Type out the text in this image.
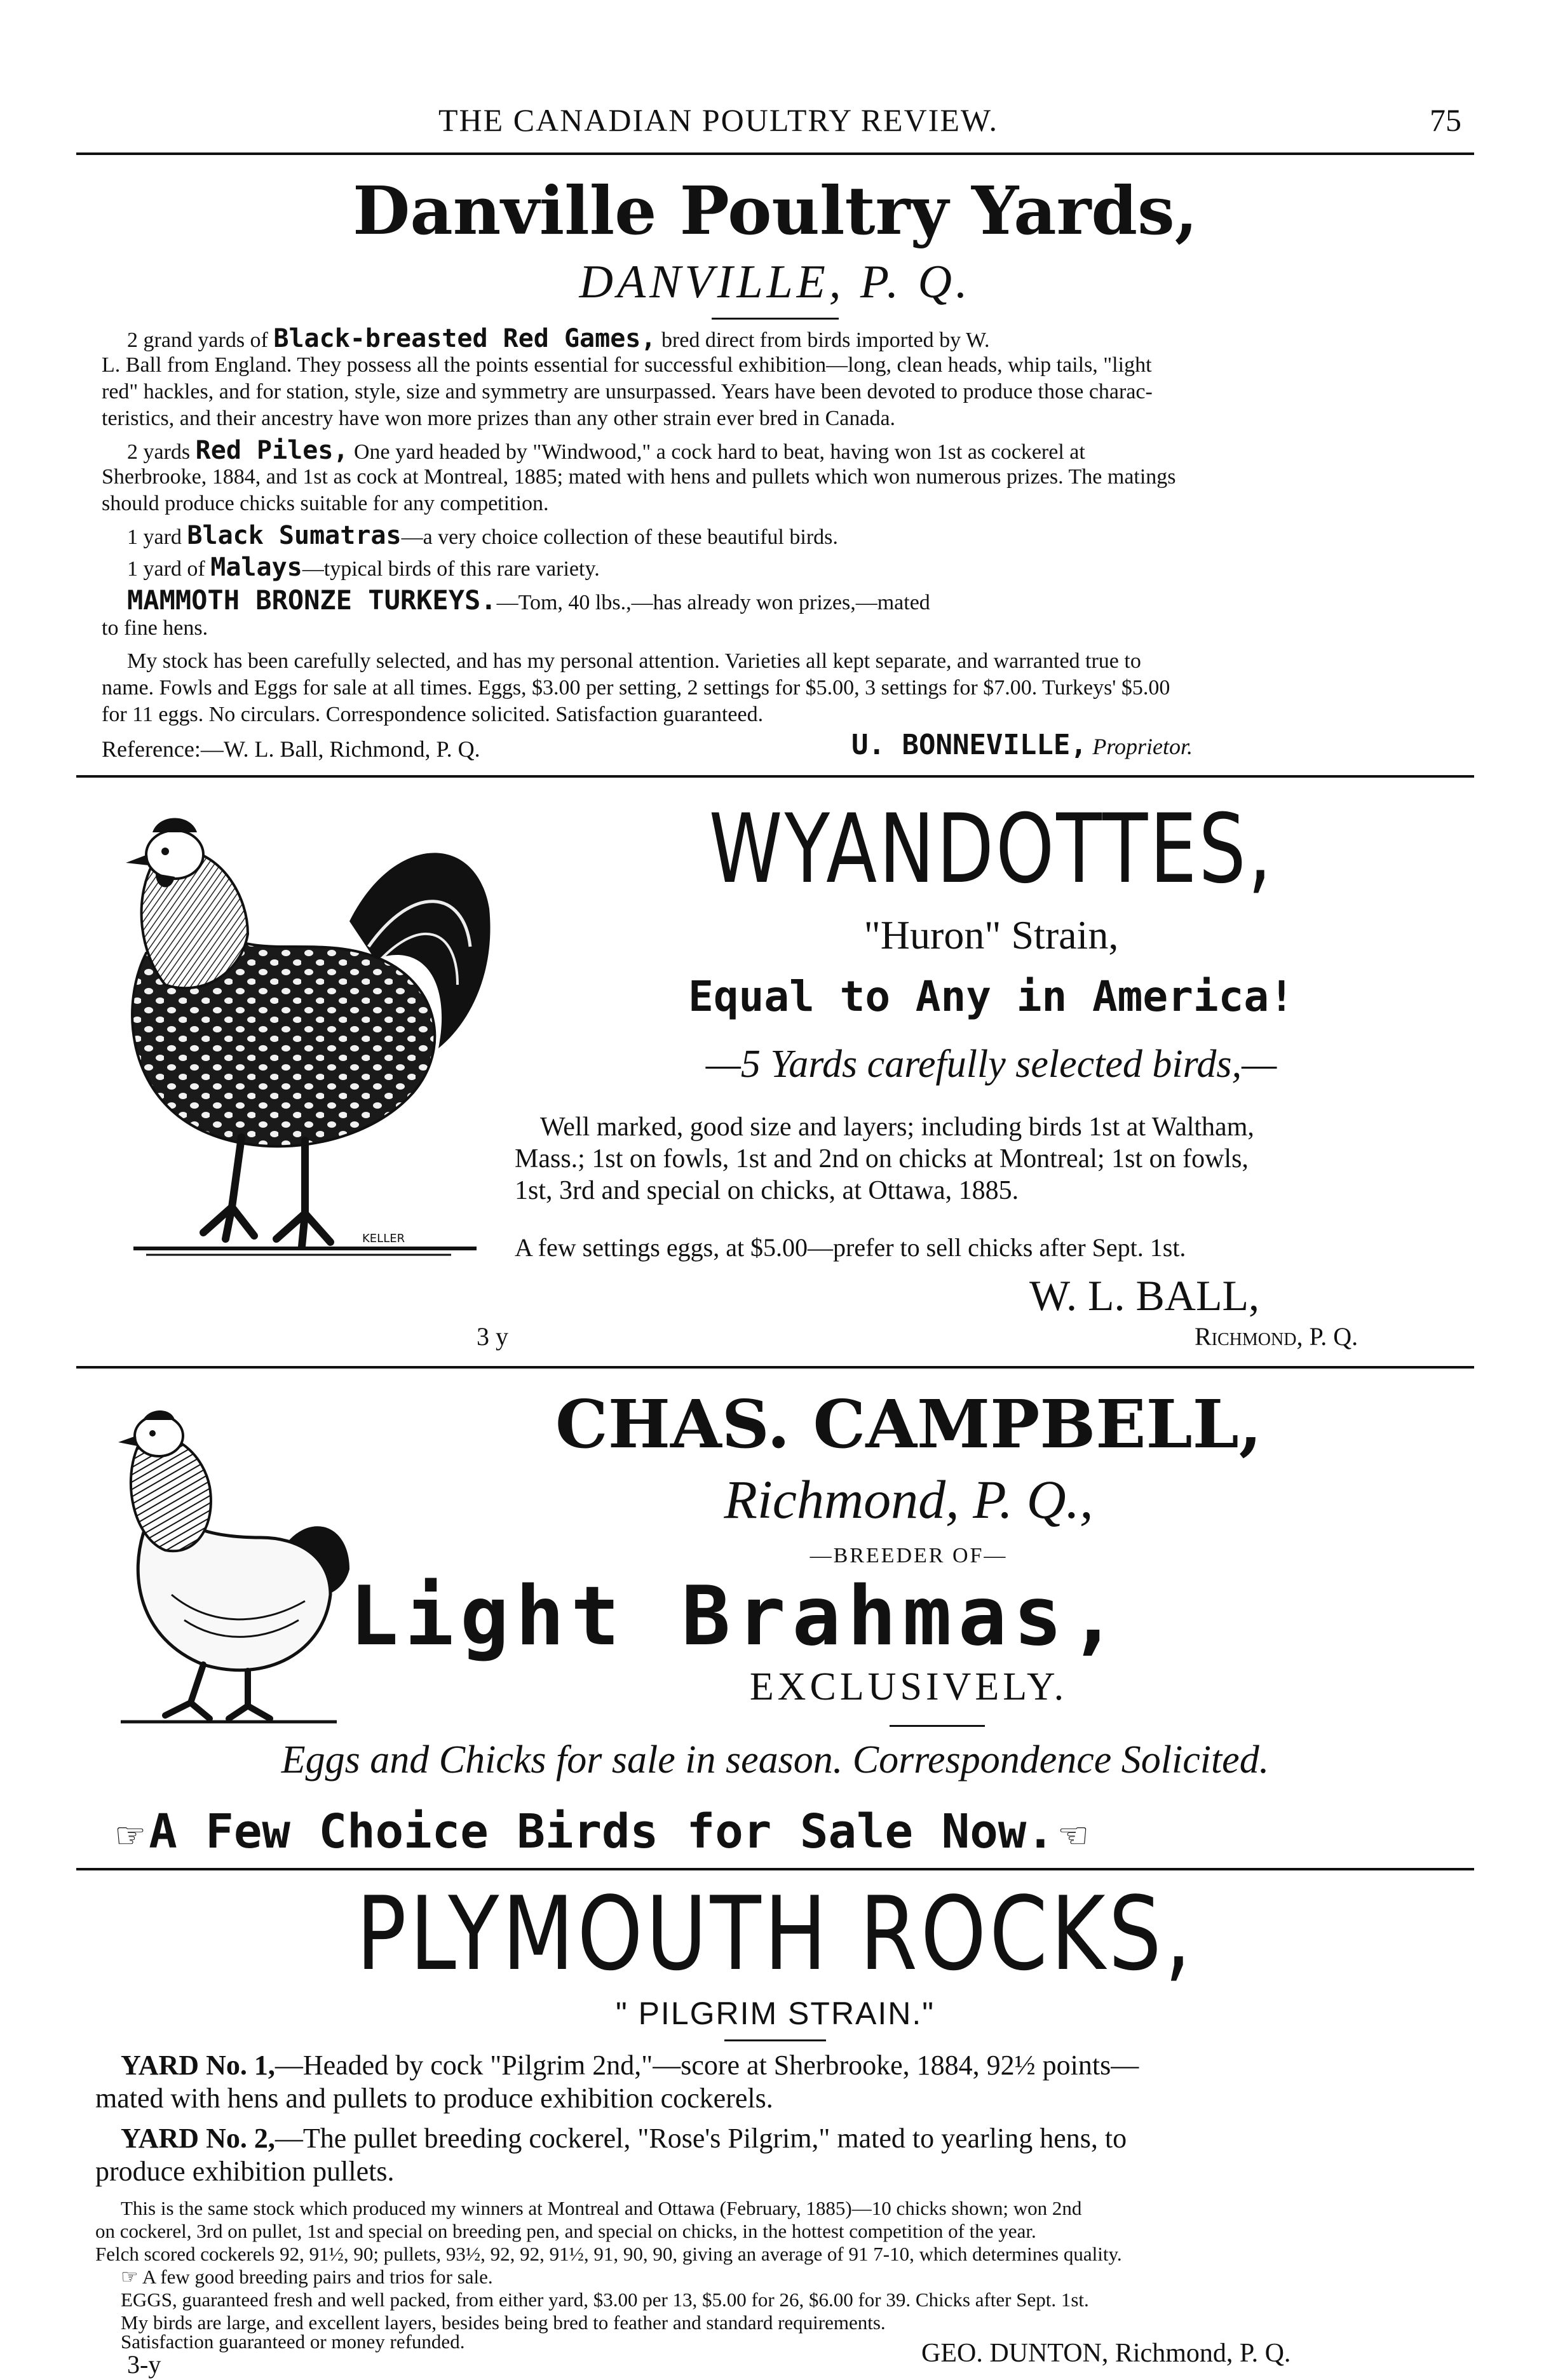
THE CANADIAN POULTRY REVIEW.	75
Danville Poultry Yards,
DANVILLE, P. Q.
2 grand yards of Black-breasted Red Games, bred direct from birds imported by W.
L. Ball from England. They possess all the points essential for successful exhibition—long, clean heads, whip tails, "light
red" hackles, and for station, style, size and symmetry are unsurpassed. Years have been devoted to produce those charac-
teristics, and their ancestry have won more prizes than any other strain ever bred in Canada.
2 yards Red Piles, One yard headed by "Windwood," a cock hard to beat, having won 1st as cockerel at
Sherbrooke, 1884, and 1st as cock at Montreal, 1885; mated with hens and pullets which won numerous prizes. The matings
should produce chicks suitable for any competition.
1 yard Black Sumatras—a very choice collection of these beautiful birds.
1 yard of Malays—typical birds of this rare variety.
MAMMOTH BRONZE TURKEYS.—Tom, 40 lbs.,—has already won prizes,—mated
to fine hens.
My stock has been carefully selected, and has my personal attention. Varieties all kept separate, and warranted true to
name. Fowls and Eggs for sale at all times. Eggs, $3.00 per setting, 2 settings for $5.00, 3 settings for $7.00. Turkeys' $5.00
for 11 eggs. No circulars. Correspondence solicited. Satisfaction guaranteed.
Reference:—W. L. Ball, Richmond, P. Q.	U. BONNEVILLE, Proprietor.
KELLER
WYANDOTTES,
"Huron" Strain,
Equal to Any in America!
—5 Yards carefully selected birds,—
Well marked, good size and layers; including birds 1st at Waltham,
Mass.; 1st on fowls, 1st and 2nd on chicks at Montreal; 1st on fowls,
1st, 3rd and special on chicks, at Ottawa, 1885.
A few settings eggs, at $5.00—prefer to sell chicks after Sept. 1st.
W. L. BALL,
3 y	Richmond, P. Q.
CHAS. CAMPBELL,
Richmond, P. Q.,
—BREEDER OF—
Light Brahmas,
EXCLUSIVELY.
Eggs and Chicks for sale in season. Correspondence Solicited.
☞ A Few Choice Birds for Sale Now. ☜
PLYMOUTH ROCKS,
" PILGRIM STRAIN."
YARD No. 1,—Headed by cock "Pilgrim 2nd,"—score at Sherbrooke, 1884, 92½ points—
mated with hens and pullets to produce exhibition cockerels.
YARD No. 2,—The pullet breeding cockerel, "Rose's Pilgrim," mated to yearling hens, to
produce exhibition pullets.
This is the same stock which produced my winners at Montreal and Ottawa (February, 1885)—10 chicks shown; won 2nd
on cockerel, 3rd on pullet, 1st and special on breeding pen, and special on chicks, in the hottest competition of the year.
Felch scored cockerels 92, 91½, 90; pullets, 93½, 92, 92, 91½, 91, 90, 90, giving an average of 91 7-10, which determines quality.
☞ A few good breeding pairs and trios for sale.
EGGS, guaranteed fresh and well packed, from either yard, $3.00 per 13, $5.00 for 26, $6.00 for 39. Chicks after Sept. 1st.
My birds are large, and excellent layers, besides being bred to feather and standard requirements.
Satisfaction guaranteed or money refunded.
3-y	GEO. DUNTON, Richmond, P. Q.
